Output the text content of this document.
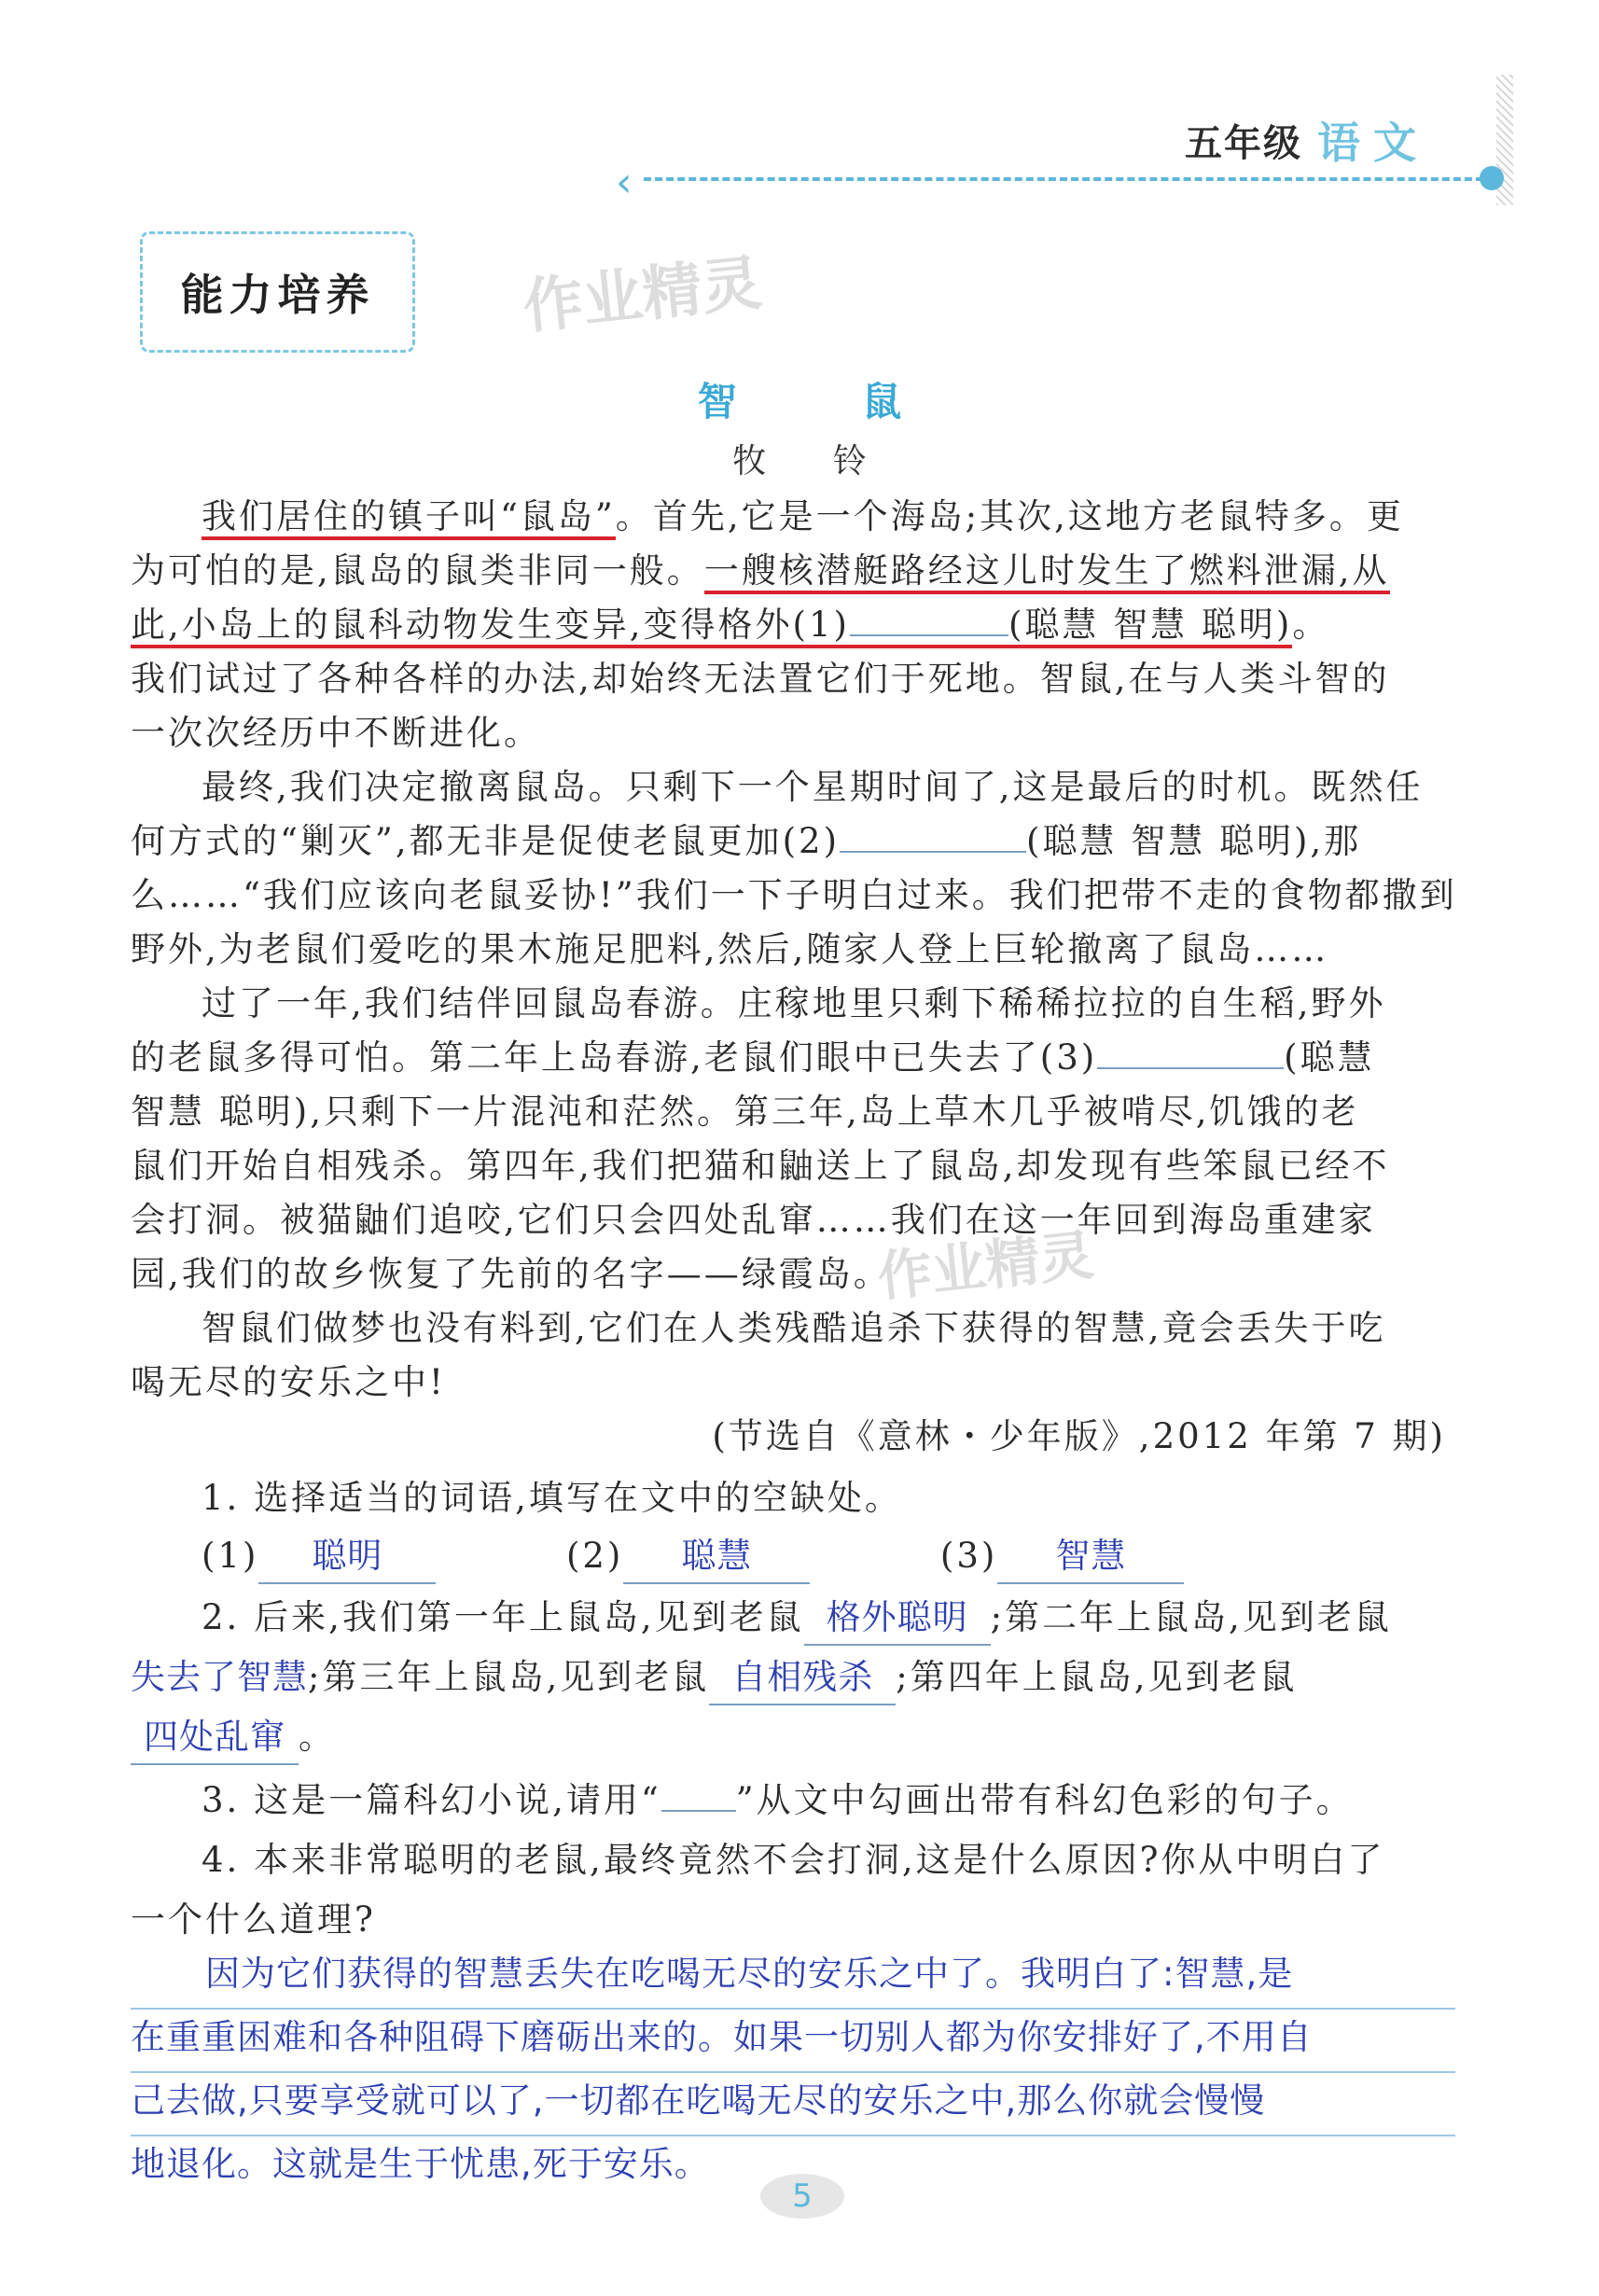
五年级 语文
‹
能力培养 作业精灵
作业精灵
智 鼠
牧 铃
我们居住的镇子叫“鼠岛”。首先,它是一个海岛;其次,这地方老鼠特多。更
为可怕的是,鼠岛的鼠类非同一般。一艘核潜艇路经这儿时发生了燃料泄漏,从
此,小岛上的鼠科动物发生变异,变得格外(1)	(聪慧 智慧 聪明)。
我们试过了各种各样的办法,却始终无法置它们于死地。智鼠,在与人类斗智的
一次次经历中不断进化。
最终,我们决定撤离鼠岛。只剩下一个星期时间了,这是最后的时机。既然任
何方式的“剿灭”,都无非是促使老鼠更加(2)	(聪慧 智慧 聪明),那
么……“我们应该向老鼠妥协!”我们一下子明白过来。我们把带不走的食物都撒到
野外,为老鼠们爱吃的果木施足肥料,然后,随家人登上巨轮撤离了鼠岛……
过了一年,我们结伴回鼠岛春游。庄稼地里只剩下稀稀拉拉的自生稻,野外
的老鼠多得可怕。第二年上岛春游,老鼠们眼中已失去了(3)	(聪慧
智慧 聪明),只剩下一片混沌和茫然。第三年,岛上草木几乎被啃尽,饥饿的老
鼠们开始自相残杀。第四年,我们把猫和鼬送上了鼠岛,却发现有些笨鼠已经不
会打洞。被猫鼬们追咬,它们只会四处乱窜……我们在这一年回到海岛重建家
园,我们的故乡恢复了先前的名字——绿霞岛。
智鼠们做梦也没有料到,它们在人类残酷追杀下获得的智慧,竟会丢失于吃
喝无尽的安乐之中!
(节选自《意林・少年版》,2012 年第 7 期)
1. 选择适当的词语,填写在文中的空缺处。
(1) 聪明	(2) 聪慧	(3) 智慧
2. 后来,我们第一年上鼠岛,见到老鼠 格外聪明 ;第二年上鼠岛,见到老鼠
失去了智慧;第三年上鼠岛,见到老鼠 自相残杀 ;第四年上鼠岛,见到老鼠
四处乱窜 。
3. 这是一篇科幻小说,请用“ ”从文中勾画出带有科幻色彩的句子。
4. 本来非常聪明的老鼠,最终竟然不会打洞,这是什么原因?你从中明白了
一个什么道理?
因为它们获得的智慧丢失在吃喝无尽的安乐之中了。我明白了:智慧,是
在重重困难和各种阻碍下磨砺出来的。如果一切别人都为你安排好了,不用自
己去做,只要享受就可以了,一切都在吃喝无尽的安乐之中,那么你就会慢慢
地退化。这就是生于忧患,死于安乐。
5
